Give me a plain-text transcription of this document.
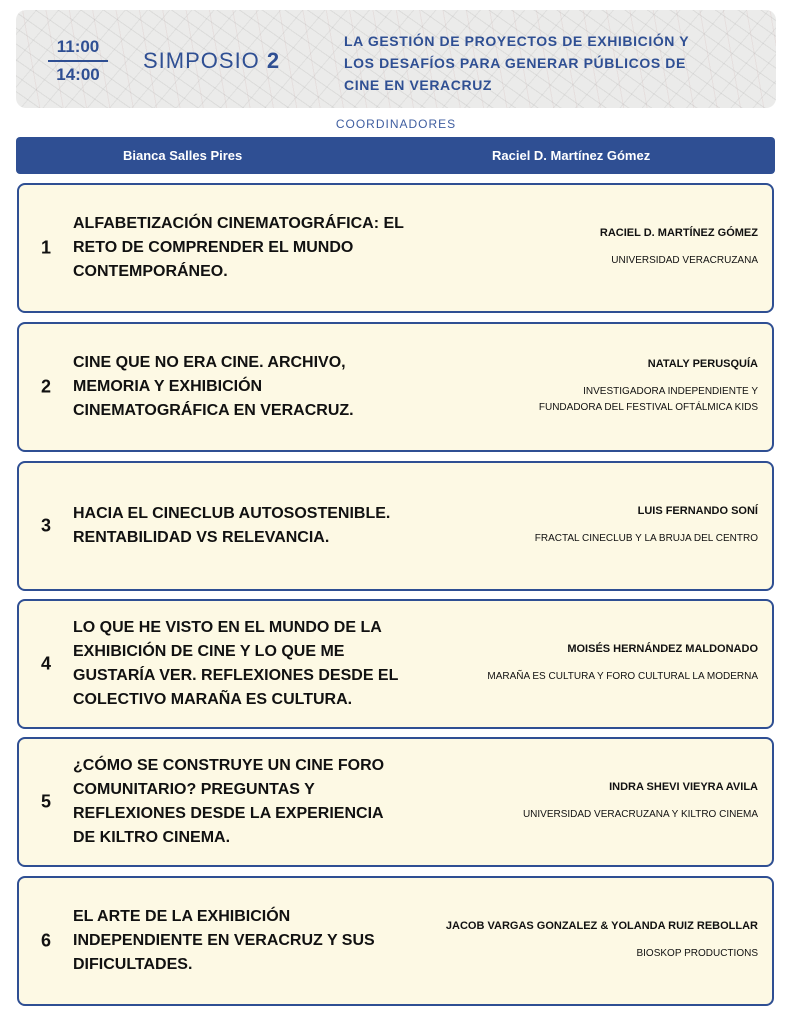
11:00
14:00
SIMPOSIO 2
LA GESTIÓN DE PROYECTOS DE EXHIBICIÓN Y
LOS DESAFÍOS PARA GENERAR PÚBLICOS DE
CINE EN VERACRUZ
COORDINADORES
Bianca Salles Pires	Raciel D. Martínez Gómez
1
ALFABETIZACIÓN CINEMATOGRÁFICA: EL
RETO DE COMPRENDER EL MUNDO
CONTEMPORÁNEO.
RACIEL D. MARTÍNEZ GÓMEZ
UNIVERSIDAD VERACRUZANA
2
CINE QUE NO ERA CINE. ARCHIVO,
MEMORIA Y EXHIBICIÓN
CINEMATOGRÁFICA EN VERACRUZ.
NATALY PERUSQUÍA
INVESTIGADORA INDEPENDIENTE Y
FUNDADORA DEL FESTIVAL OFTÁLMICA KIDS
3
HACIA EL CINECLUB AUTOSOSTENIBLE.
RENTABILIDAD VS RELEVANCIA.
LUIS FERNANDO SONÍ
FRACTAL CINECLUB Y LA BRUJA DEL CENTRO
4
LO QUE HE VISTO EN EL MUNDO DE LA
EXHIBICIÓN DE CINE Y LO QUE ME
GUSTARÍA VER. REFLEXIONES DESDE EL
COLECTIVO MARAÑA ES CULTURA.
MOISÉS HERNÁNDEZ MALDONADO
MARAÑA ES CULTURA Y FORO CULTURAL LA MODERNA
5
¿CÓMO SE CONSTRUYE UN CINE FORO
COMUNITARIO? PREGUNTAS Y
REFLEXIONES DESDE LA EXPERIENCIA
DE KILTRO CINEMA.
INDRA SHEVI VIEYRA AVILA
UNIVERSIDAD VERACRUZANA Y KILTRO CINEMA
6
EL ARTE DE LA EXHIBICIÓN
INDEPENDIENTE EN VERACRUZ Y SUS
DIFICULTADES.
JACOB VARGAS GONZALEZ & YOLANDA RUIZ REBOLLAR
BIOSKOP PRODUCTIONS
